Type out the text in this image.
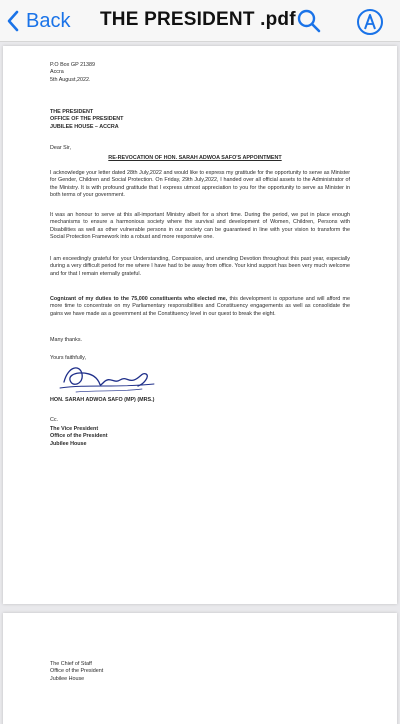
Back THE PRESIDENT .pdf
P.O Box GP 21389
Accra
5th August,2022.
THE PRESIDENT
OFFICE OF THE PRESIDENT
JUBILEE HOUSE – ACCRA
Dear Sir,
RE-REVOCATION OF HON. SARAH ADWOA SAFO'S APPOINTMENT
I acknowledge your letter dated 28th July,2022 and would like to express my gratitude for the opportunity to serve as Minister for Gender, Children and Social Protection. On Friday, 29th July,2022, I handed over all official assets to the Administrator of the Ministry. It is with profound gratitude that I express utmost appreciation to you for the opportunity to serve as Minister in both terms of your government.
It was an honour to serve at this all-important Ministry albeit for a short time. During the period, we put in place enough mechanisms to ensure a harmonious society where the survival and development of Women, Children, Persons with Disabilities as well as other vulnerable persons in our society can be guaranteed in line with your vision to transform the Social Protection Framework into a robust and more responsive one.
I am exceedingly grateful for your Understanding, Compassion, and unending Devotion throughout this past year, especially during a very difficult period for me where I have had to be away from office. Your kind support has been very much welcome and for that I remain eternally grateful.
Cognizant of my duties to the 75,000 constituents who elected me, this development is opportune and will afford me more time to concentrate on my Parliamentary responsibilities and Constituency engagements as well as consolidate the gains we have made as a government at the Constituency level in our quest to break the eight.
Many thanks.
Yours faithfully,
HON. SARAH ADWOA SAFO (MP) (MRS.)
Cc.
The Vice President
Office of the President
Jubilee House
The Chief of Staff
Office of the President
Jubilee House
